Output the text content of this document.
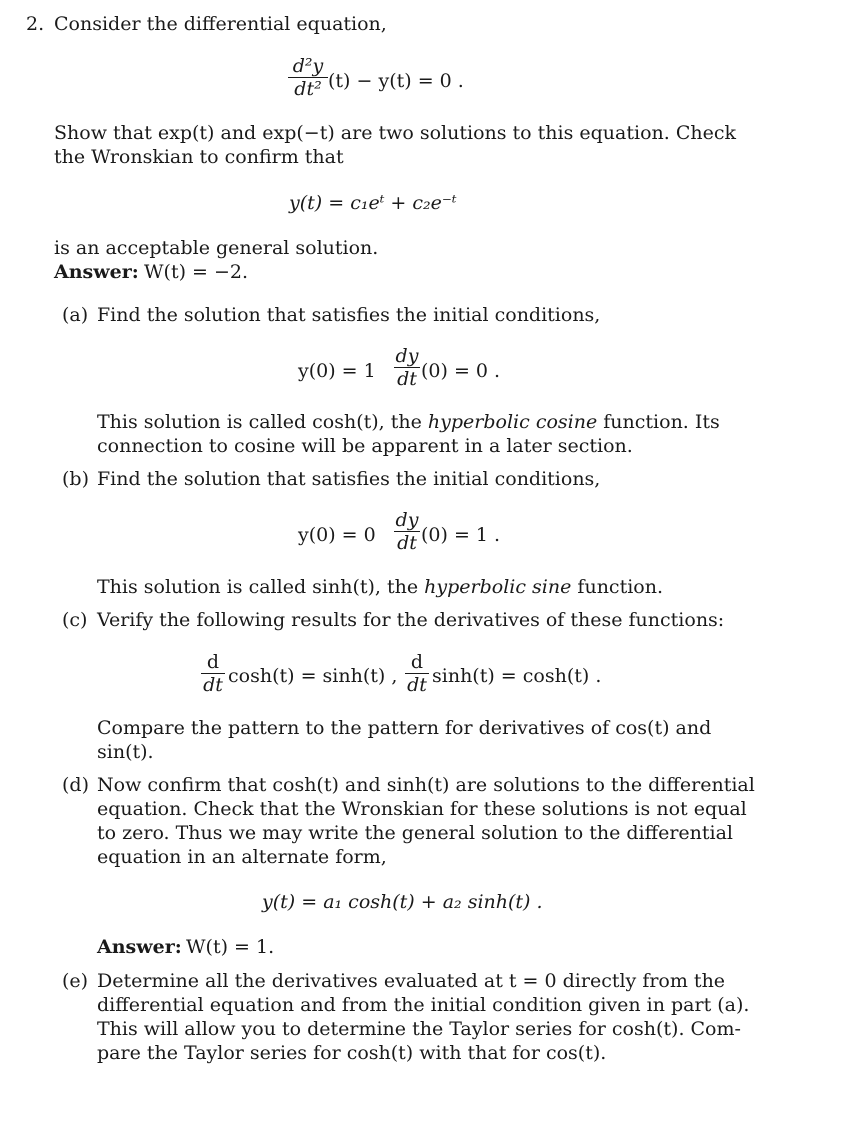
2. Consider the differential equation,
d²y
dt² (t) − y(t) = 0 .
Show that exp(t) and exp(−t) are two solutions to this equation. Check
the Wronskian to confirm that
y(t) = c₁eᵗ + c₂e⁻ᵗ
is an acceptable general solution.
Answer: W(t) = −2.
(a) Find the solution that satisfies the initial conditions,
y(0) = 1
dy
dt (0) = 0 .
This solution is called cosh(t), the hyperbolic cosine function. Its
connection to cosine will be apparent in a later section.
(b) Find the solution that satisfies the initial conditions,
y(0) = 0
dy
dt (0) = 1 .
This solution is called sinh(t), the hyperbolic sine function.
(c) Verify the following results for the derivatives of these functions:
d
dt cosh(t) = sinh(t) ,
d
dt sinh(t) = cosh(t) .
Compare the pattern to the pattern for derivatives of cos(t) and
sin(t).
(d) Now confirm that cosh(t) and sinh(t) are solutions to the differential
equation. Check that the Wronskian for these solutions is not equal
to zero. Thus we may write the general solution to the differential
equation in an alternate form,
y(t) = a₁ cosh(t) + a₂ sinh(t) .
Answer: W(t) = 1.
(e) Determine all the derivatives evaluated at t = 0 directly from the
differential equation and from the initial condition given in part (a).
This will allow you to determine the Taylor series for cosh(t). Com-
pare the Taylor series for cosh(t) with that for cos(t).
